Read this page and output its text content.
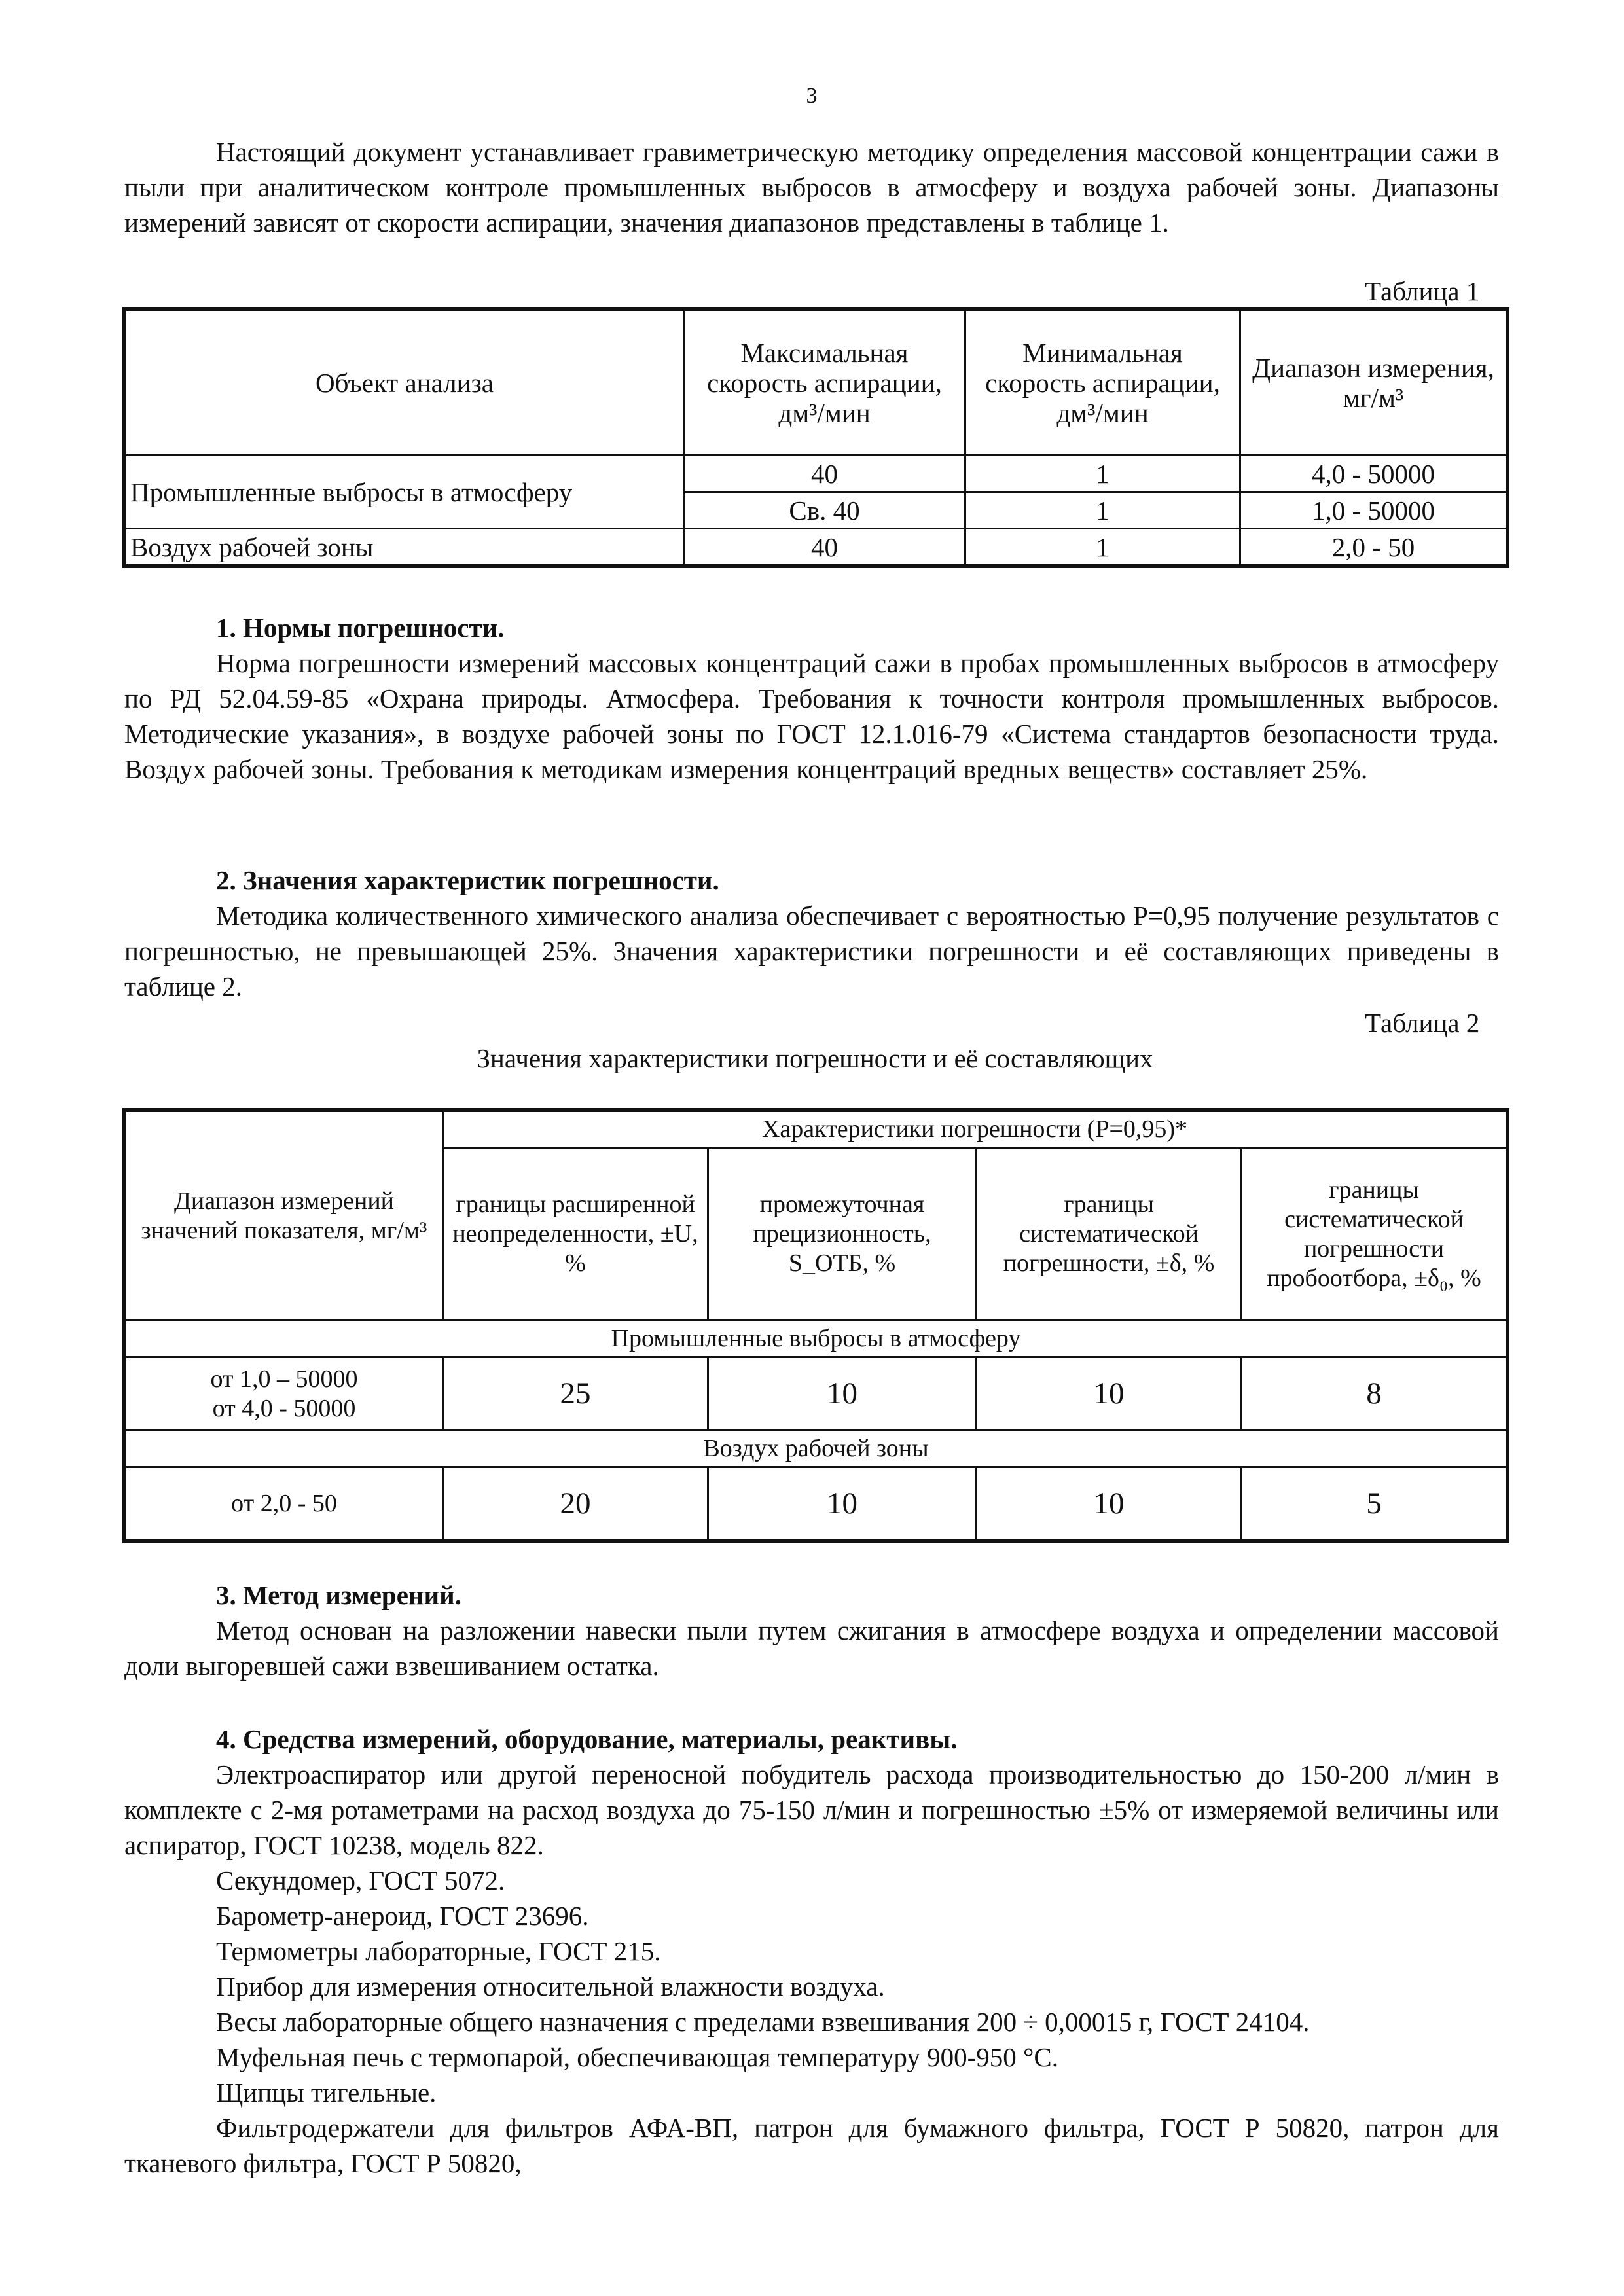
3

Настоящий документ устанавливает гравиметрическую методику определения массовой концентрации сажи в пыли при аналитическом контроле промышленных выбросов в атмосферу и воздуха рабочей зоны. Диапазоны измерений зависят от скорости аспирации, значения диапазонов представлены в таблице 1.

Таблица 1
Объект анализа	Максимальная скорость аспирации, дм³/мин	Минимальная скорость аспирации, дм³/мин	Диапазон измерения, мг/м³
Промышленные выбросы в атмосферу	40	1	4,0 - 50000
	Св. 40	1	1,0 - 50000
Воздух рабочей зоны	40	1	2,0 - 50
1. Нормы погрешности.

Норма погрешности измерений массовых концентраций сажи в пробах промышленных выбросов в атмосферу по РД 52.04.59-85 «Охрана природы. Атмосфера. Требования к точности контроля промышленных выбросов. Методические указания», в воздухе рабочей зоны по ГОСТ 12.1.016-79 «Система стандартов безопасности труда. Воздух рабочей зоны. Требования к методикам измерения концентраций вредных веществ» составляет 25%.

2. Значения характеристик погрешности.

Методика количественного химического анализа обеспечивает с вероятностью P=0,95 получение результатов с погрешностью, не превышающей 25%. Значения характеристики погрешности и её составляющих приведены в таблице 2.

Таблица 2
Значения характеристики погрешности и её составляющих
Диапазон измерений значений показателя, мг/м³	Характеристики погрешности (P=0,95)*			
	границы расширенной неопределенности, ±U, %	промежуточная прецизионность, S_ОТБ, %	границы систематической погрешности, ±δ, %	границы систематической погрешности пробоотбора, ±δ₀, %
Промышленные выбросы в атмосферу				

от 1,0 – 50000
от 4,0 - 50000	25	10	10	8
Воздух рабочей зоны				
от 2,0 - 50	20	10	10	5
3. Метод измерений.

Метод основан на разложении навески пыли путем сжигания в атмосфере воздуха и определении массовой доли выгоревшей сажи взвешиванием остатка.

4. Средства измерений, оборудование, материалы, реактивы.

Электроаспиратор или другой переносной побудитель расхода производительностью до 150-200 л/мин в комплекте с 2-мя ротаметрами на расход воздуха до 75-150 л/мин и погрешностью ±5% от измеряемой величины или аспиратор, ГОСТ 10238, модель 822.

Секундомер, ГОСТ 5072.

Барометр-анероид, ГОСТ 23696.

Термометры лабораторные, ГОСТ 215.

Прибор для измерения относительной влажности воздуха.

Весы лабораторные общего назначения с пределами взвешивания 200 ÷ 0,00015 г, ГОСТ 24104.

Муфельная печь с термопарой, обеспечивающая температуру 900-950 °С.

Щипцы тигельные.

Фильтродержатели для фильтров АФА-ВП, патрон для бумажного фильтра, ГОСТ Р 50820, патрон для тканевого фильтра, ГОСТ Р 50820,
